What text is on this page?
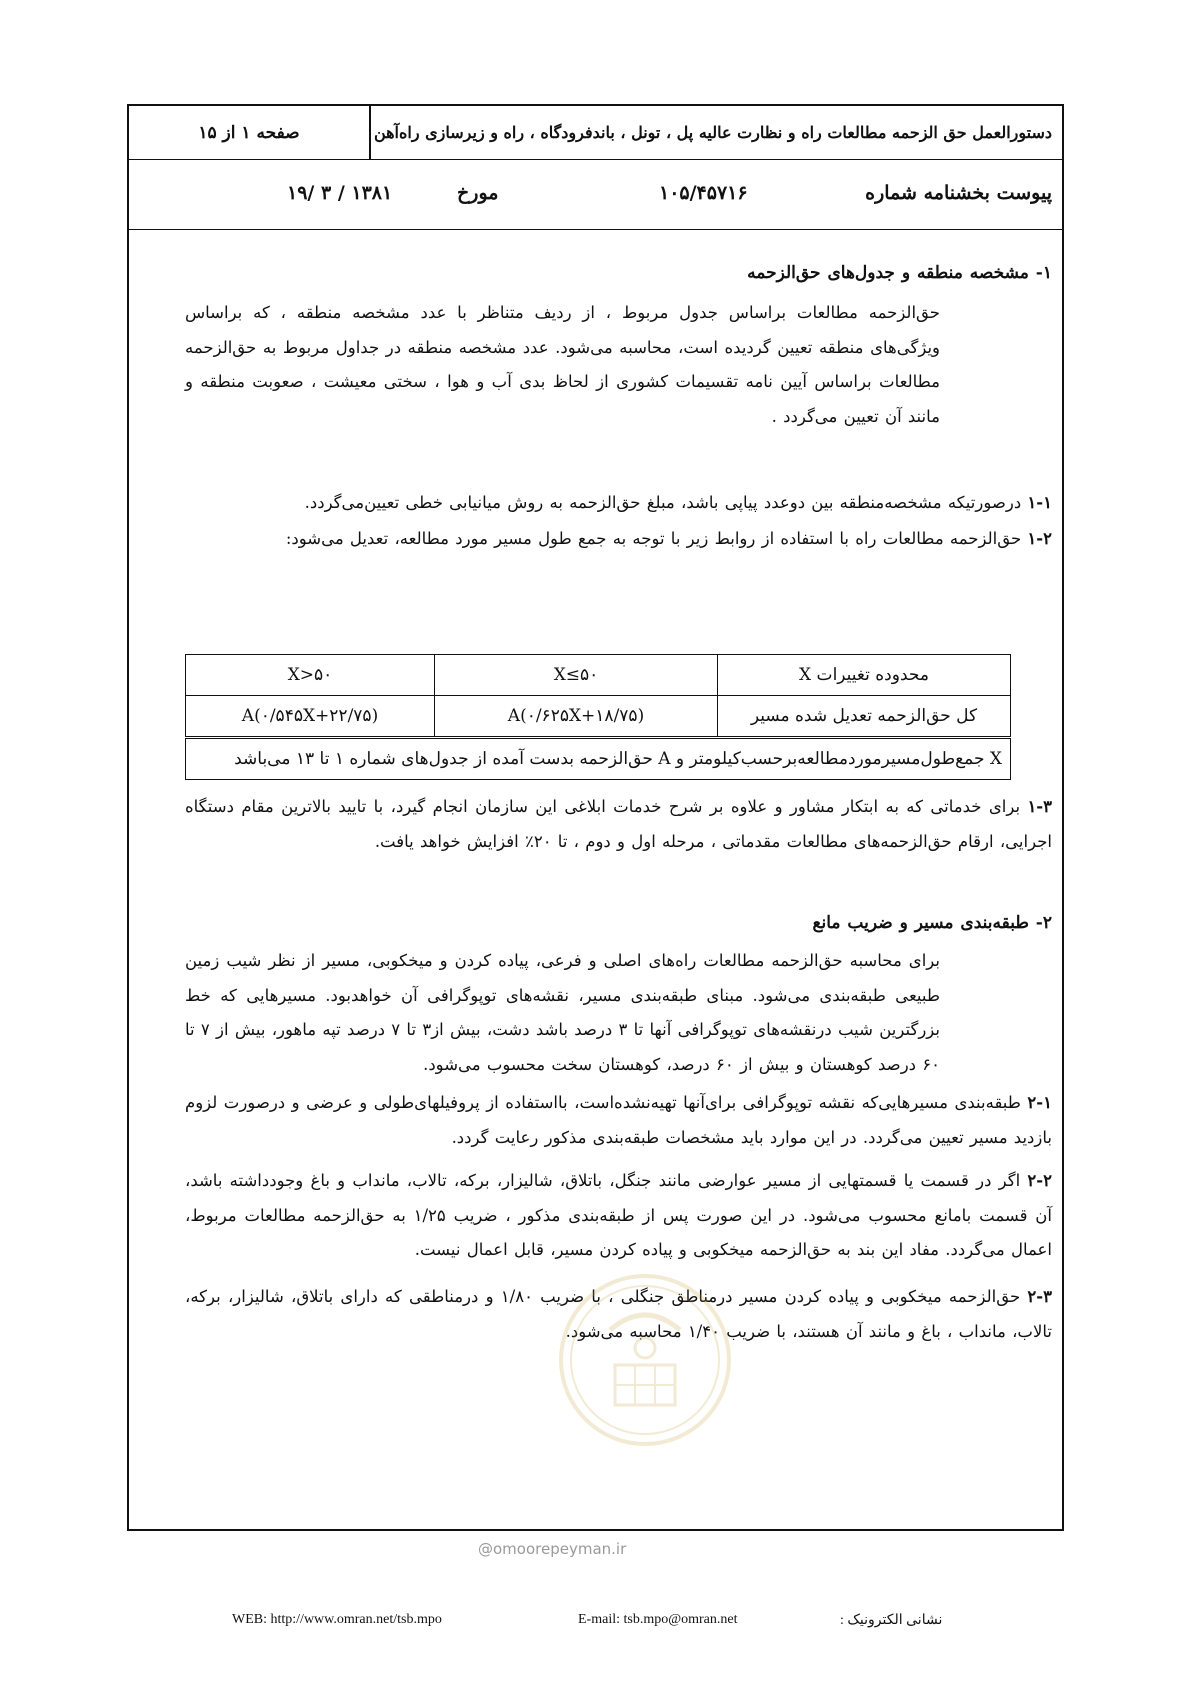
دستورالعمل حق الزحمه مطالعات راه و نظارت عالیه پل ، تونل ، باندفرودگاه ، راه و زیرسازی راه‌آهن
صفحه ۱ از ۱۵
پیوست بخشنامه شماره
۱۰۵/۴۵۷۱۶
مورخ
۱۳۸۱ / ۳ /۱۹
۱- مشخصه منطقه و جدول‌های حق‌الزحمه
حق‌الزحمه مطالعات براساس جدول مربوط ، از ردیف متناظر با عدد مشخصه منطقه ، که براساس ویژگی‌های منطقه تعیین گردیده است، محاسبه می‌شود. عدد مشخصه منطقه در جداول مربوط به حق‌الزحمه مطالعات براساس آیین نامه تقسیمات کشوری از لحاظ بدی آب و هوا ، سختی معیشت ، صعوبت منطقه و مانند آن تعیین می‌گردد .
۱-۱ درصورتیکه مشخصه‌منطقه بین دوعدد پیاپی باشد، مبلغ حق‌الزحمه به روش میانیابی خطی تعیین‌می‌گردد.
۱-۲ حق‌الزحمه مطالعات راه با استفاده از روابط زیر با توجه به جمع طول مسیر مورد مطالعه، تعدیل می‌شود:
محدوده تغییرات X	X≤۵۰	X>۵۰
کل حق‌الزحمه تعدیل شده مسیر	(۰/۶۲۵X+۱۸/۷۵)A	(۰/۵۴۵X+۲۲/۷۵)A
X جمع‌طول‌مسیرموردمطالعه‌برحسب‌کیلومتر و A حق‌الزحمه بدست آمده از جدول‌های شماره ۱ تا ۱۳ می‌باشد		
۱-۳ برای خدماتی که به ابتکار مشاور و علاوه بر شرح خدمات ابلاغی این سازمان انجام گیرد، با تایید بالاترین مقام دستگاه اجرایی، ارقام حق‌الزحمه‌های مطالعات مقدماتی ، مرحله اول و دوم ، تا ۲۰٪ افزایش خواهد یافت.
۲- طبقه‌بندی مسیر و ضریب مانع
برای محاسبه حق‌الزحمه مطالعات راه‌های اصلی و فرعی، پیاده کردن و میخکوبی، مسیر از نظر شیب زمین طبیعی طبقه‌بندی می‌شود. مبنای طبقه‌بندی مسیر، نقشه‌های توپوگرافی آن خواهدبود. مسیرهایی که خط بزرگترین شیب درنقشه‌های توپوگرافی آنها تا ۳ درصد باشد دشت، بیش از۳ تا ۷ درصد تپه ماهور، بیش از ۷ تا ۶۰ درصد کوهستان و بیش از ۶۰ درصد، کوهستان سخت محسوب می‌شود.
۲-۱ طبقه‌بندی مسیرهایی‌که نقشه توپوگرافی برای‌آنها تهیه‌نشده‌است، بااستفاده از پروفیلهای‌طولی و عرضی و درصورت لزوم بازدید مسیر تعیین می‌گردد. در این موارد باید مشخصات طبقه‌بندی مذکور رعایت گردد.
۲-۲ اگر در قسمت یا قسمتهایی از مسیر عوارضی مانند جنگل، باتلاق، شالیزار، برکه، تالاب، مانداب و باغ وجودداشته باشد، آن قسمت بامانع محسوب می‌شود. در این صورت پس از طبقه‌بندی مذکور ، ضریب ۱/۲۵ به حق‌الزحمه مطالعات مربوط، اعمال می‌گردد. مفاد این بند به حق‌الزحمه میخکوبی و پیاده کردن مسیر، قابل اعمال نیست.
۲-۳ حق‌الزحمه میخکوبی و پیاده کردن مسیر درمناطق جنگلی ، با ضریب ۱/۸۰ و درمناطقی که دارای باتلاق، شالیزار، برکه، تالاب، مانداب ، باغ و مانند آن هستند، با ضریب ۱/۴۰ محاسبه می‌شود.
@omoorepeyman.ir
WEB: http://www.omran.net/tsb.mpo	E-mail: tsb.mpo@omran.net	نشانی الکترونیک :
